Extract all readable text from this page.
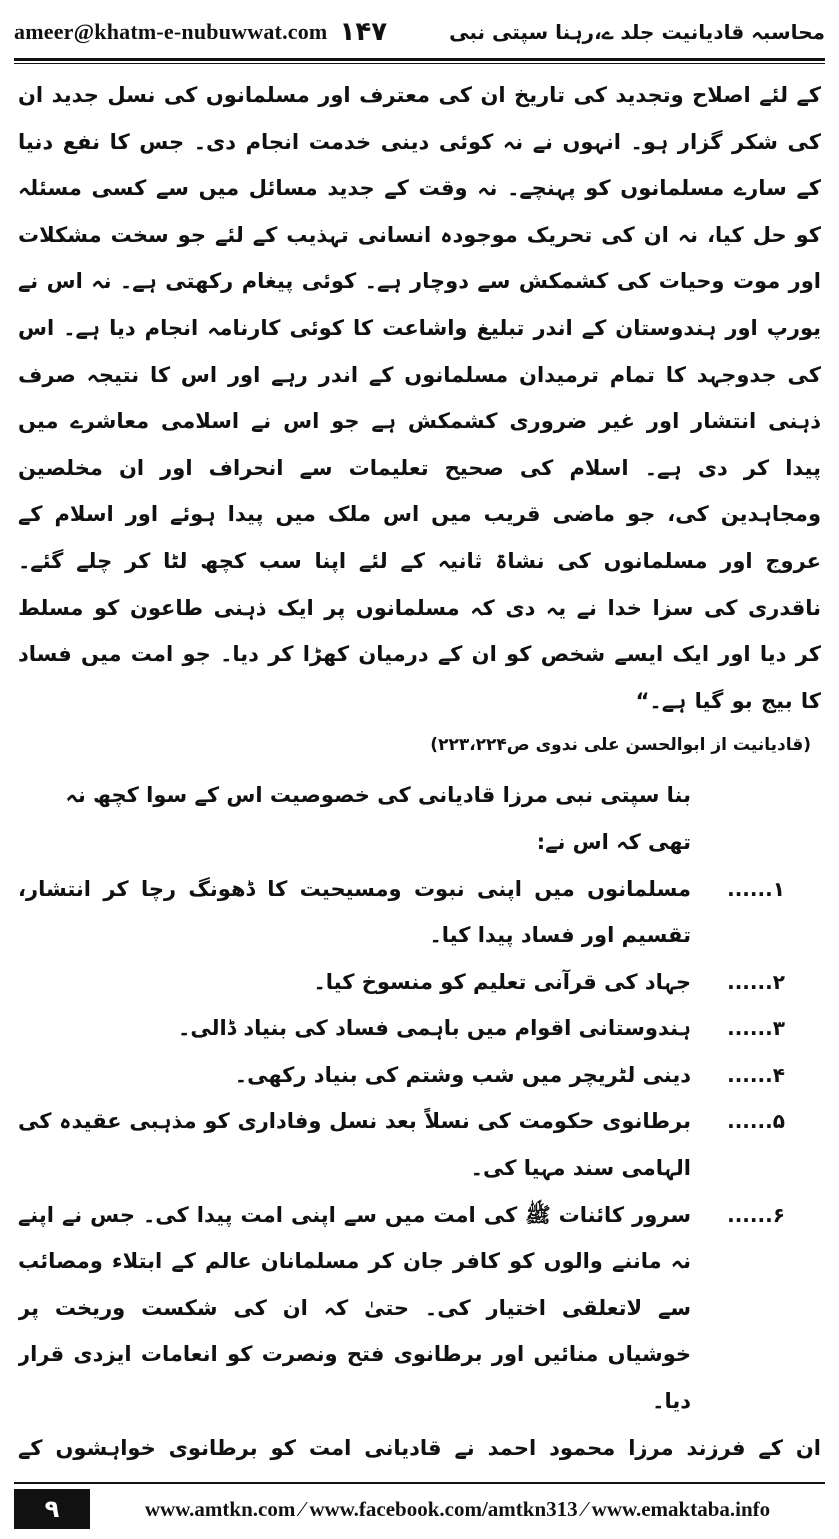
ameer@khatm-e-nubuwwat.com ۱۴۷	محاسبہ قادیانیت جلد ے،رہنا سپتی نبی

کے لئے اصلاح وتجدید کی تاریخ ان کی معترف اور مسلمانوں کی نسل جدید ان کی شکر گزار ہو۔ انہوں نے نہ کوئی دینی خدمت انجام دی۔ جس کا نفع دنیا کے سارے مسلمانوں کو پہنچے۔ نہ وقت کے جدید مسائل میں سے کسی مسئلہ کو حل کیا، نہ ان کی تحریک موجودہ انسانی تہذیب کے لئے جو سخت مشکلات اور موت وحیات کی کشمکش سے دوچار ہے۔ کوئی پیغام رکھتی ہے۔ نہ اس نے یورپ اور ہندوستان کے اندر تبلیغ واشاعت کا کوئی کارنامہ انجام دیا ہے۔ اس کی جدوجہد کا تمام ترمیدان مسلمانوں کے اندر رہے اور اس کا نتیجہ صرف ذہنی انتشار اور غیر ضروری کشمکش ہے جو اس نے اسلامی معاشرے میں پیدا کر دی ہے۔ اسلام کی صحیح تعلیمات سے انحراف اور ان مخلصین ومجاہدین کی، جو ماضی قریب میں اس ملک میں پیدا ہوئے اور اسلام کے عروج اور مسلمانوں کی نشاۃ ثانیہ کے لئے اپنا سب کچھ لٹا کر چلے گئے۔ ناقدری کی سزا خدا نے یہ دی کہ مسلمانوں پر ایک ذہنی طاعون کو مسلط کر دیا اور ایک ایسے شخص کو ان کے درمیان کھڑا کر دیا۔ جو امت میں فساد کا بیج بو گیا ہے۔“

(قادیانیت از ابوالحسن علی ندوی ص۲۲۳،۲۲۴)

بنا سپتی نبی مرزا قادیانی کی خصوصیت اس کے سوا کچھ نہ تھی کہ اس نے:

۱......
مسلمانوں میں اپنی نبوت ومسیحیت کا ڈھونگ رچا کر انتشار، تقسیم اور فساد پیدا کیا۔
۲......
جہاد کی قرآنی تعلیم کو منسوخ کیا۔
۳......
ہندوستانی اقوام میں باہمی فساد کی بنیاد ڈالی۔
۴......
دینی لٹریچر میں شب وشتم کی بنیاد رکھی۔
۵......
برطانوی حکومت کی نسلاً بعد نسل وفاداری کو مذہبی عقیدہ کی الہامی سند مہیا کی۔
۶......
سرور کائنات ﷺ کی امت میں سے اپنی امت پیدا کی۔ جس نے اپنے نہ ماننے والوں کو کافر جان کر مسلمانان عالم کے ابتلاء ومصائب سے لاتعلقی اختیار کی۔ حتیٰ کہ ان کی شکست وریخت پر خوشیاں منائیں اور برطانوی فتح ونصرت کو انعامات ایزدی قرار دیا۔

ان کے فرزند مرزا محمود احمد نے قادیانی امت کو برطانوی خواہشوں کے

۹	www.amtkn.com ⁄ www.facebook.com/amtkn313 ⁄ www.emaktaba.info
